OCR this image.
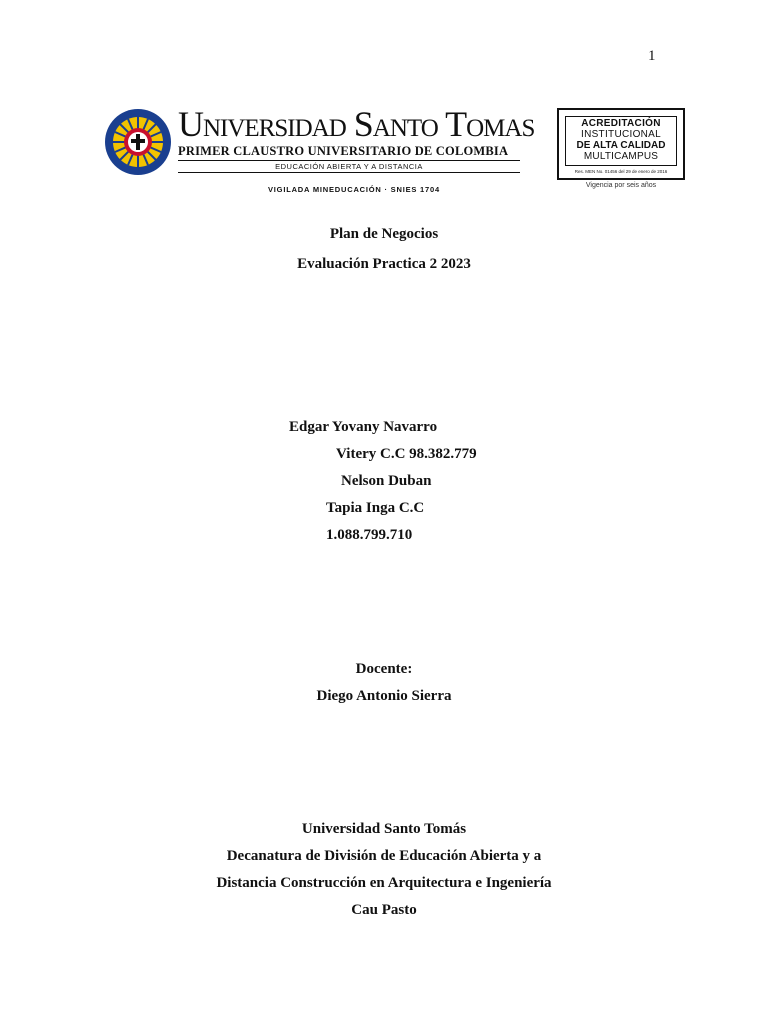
1
Universidad Santo Tomas
PRIMER CLAUSTRO UNIVERSITARIO DE COLOMBIA
EDUCACIÓN ABIERTA Y A DISTANCIA
VIGILADA MINEDUCACIÓN · SNIES 1704
ACREDITACIÓN
INSTITUCIONAL
DE ALTA CALIDAD
MULTICAMPUS
Res. MEN No. 01456 del 29 de enero de 2016
Vigencia por seis años
Plan de Negocios
Evaluación Practica 2 2023
Edgar Yovany Navarro
Vitery C.C 98.382.779
Nelson Duban
Tapia Inga C.C
1.088.799.710
Docente:
Diego Antonio Sierra
Universidad Santo Tomás
Decanatura de División de Educación Abierta y a
Distancia Construcción en Arquitectura e Ingeniería
Cau Pasto
